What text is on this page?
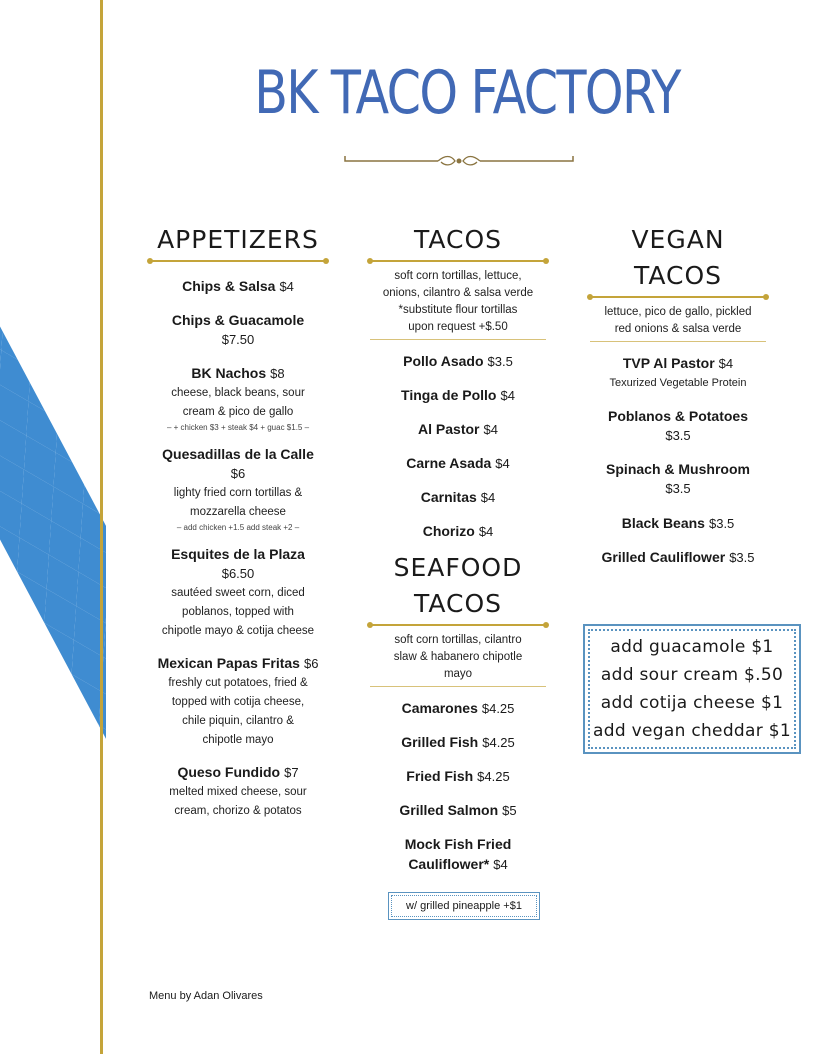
BK TACO FACTORY
APPETIZERS
Chips & Salsa $4
Chips & Guacamole
$7.50
BK Nachos $8
cheese, black beans, sour
cream & pico de gallo
– + chicken $3 + steak $4 + guac $1.5 –
Quesadillas de la Calle
$6
lighty fried corn tortillas &
mozzarella cheese
– add chicken +1.5 add steak +2 –
Esquites de la Plaza
$6.50
sautéed sweet corn, diced
poblanos, topped with
chipotle mayo & cotija cheese
Mexican Papas Fritas $6
freshly cut potatoes, fried &
topped with cotija cheese,
chile piquin, cilantro &
chipotle mayo
Queso Fundido $7
melted mixed cheese, sour
cream, chorizo & potatos
TACOS
soft corn tortillas, lettuce,
onions, cilantro & salsa verde
*substitute flour tortillas
upon request +$.50
Pollo Asado $3.5
Tinga de Pollo $4
Al Pastor $4
Carne Asada $4
Carnitas $4
Chorizo $4
SEAFOOD
TACOS
soft corn tortillas, cilantro
slaw & habanero chipotle
mayo
Camarones $4.25
Grilled Fish $4.25
Fried Fish $4.25
Grilled Salmon $5
Mock Fish Fried
Cauliflower* $4
w/ grilled pineapple +$1
VEGAN TACOS
lettuce, pico de gallo, pickled
red onions & salsa verde
TVP Al Pastor $4
Texurized Vegetable Protein
Poblanos & Potatoes
$3.5
Spinach & Mushroom
$3.5
Black Beans $3.5
Grilled Cauliflower $3.5
add guacamole $1
add sour cream $.50
add cotija cheese $1
add vegan cheddar $1
Menu by Adan Olivares
